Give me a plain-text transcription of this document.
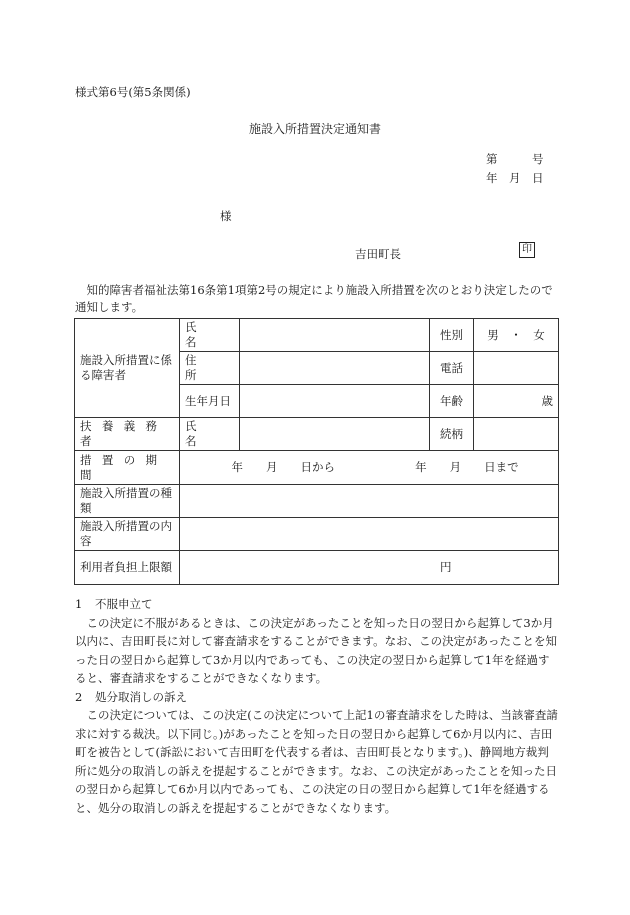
様式第6号(第5条関係)
施設入所措置決定通知書
第　　　号
年　月　日
様
吉田町長	印
知的障害者福祉法第16条第1項第2号の規定により施設入所措置を次のとおり決定したので通知します。
施設入所措置に係る障害者	氏　名		性別	男　・　女
	住　所		電話	
	生年月日		年齢	歳
扶養義務者	氏　名		続柄	
措置の期間	年　　月　　日から 年　　月　　日まで			
施設入所措置の種類				
施設入所措置の内容				
利用者負担上限額	円			

1 不服申立て

この決定に不服があるときは、この決定があったことを知った日の翌日から起算して3か月以内に、吉田町長に対して審査請求をすることができます。なお、この決定があったことを知った日の翌日から起算して3か月以内であっても、この決定の翌日から起算して1年を経過すると、審査請求をすることができなくなります。

2 処分取消しの訴え

この決定については、この決定(この決定について上記1の審査請求をした時は、当該審査請求に対する裁決。以下同じ。)があったことを知った日の翌日から起算して6か月以内に、吉田町を被告として(訴訟において吉田町を代表する者は、吉田町長となります。)、静岡地方裁判所に処分の取消しの訴えを提起することができます。なお、この決定があったことを知った日の翌日から起算して6か月以内であっても、この決定の日の翌日から起算して1年を経過すると、処分の取消しの訴えを提起することができなくなります。
